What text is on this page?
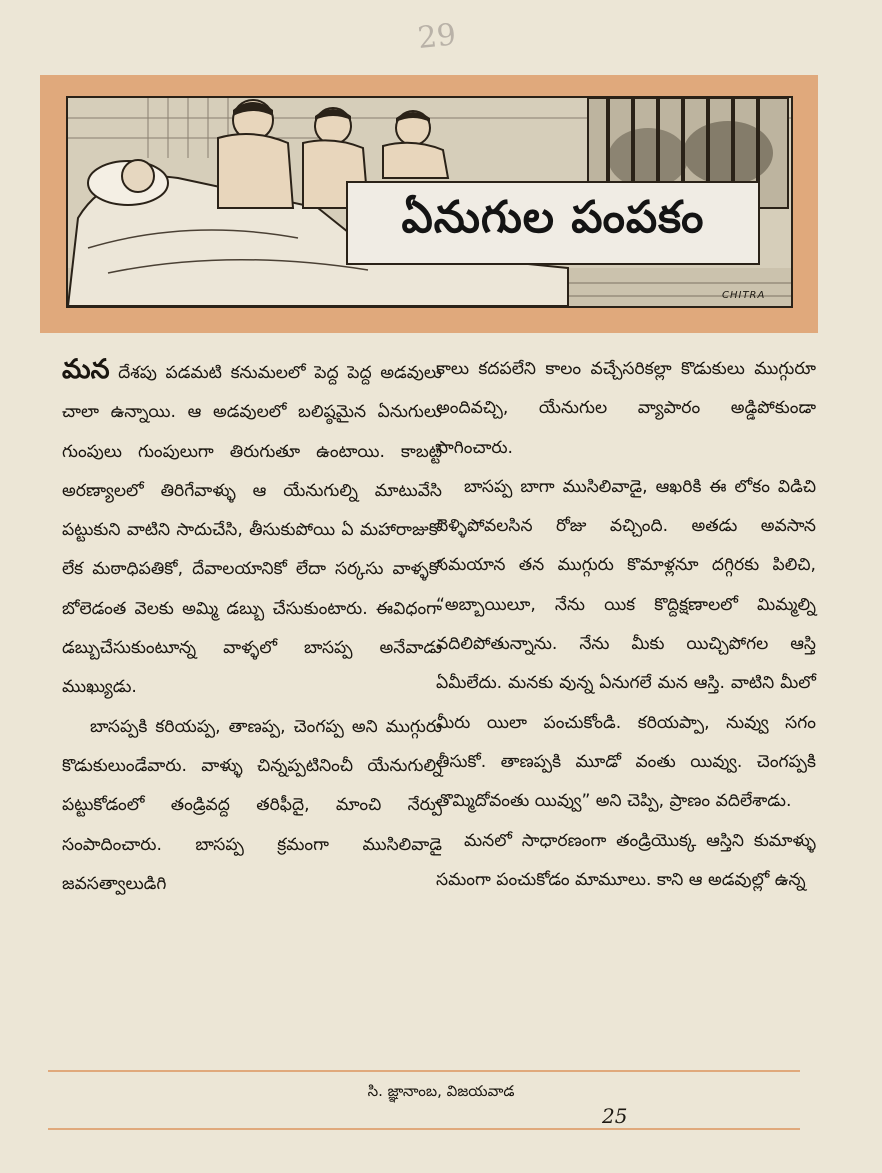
29
ఏనుగుల పంపకం
CHITRA

మన దేశపు పడమటి కనుమలలో పెద్ద పెద్ద అడవులు చాలా ఉన్నాయి. ఆ అడవులలో బలిష్ఠమైన ఏనుగులు గుంపులు గుంపులుగా తిరుగుతూ ఉంటాయి. కాబట్టి అరణ్యాలలో తిరిగేవాళ్ళు ఆ యేనుగుల్ని మాటువేసి పట్టుకుని వాటిని సాదుచేసి, తీసుకుపోయి ఏ మహారాజుకో లేక మఠాధిపతికో, దేవాలయానికో లేదా సర్కసు వాళ్ళకో బోలెడంత వెలకు అమ్మి డబ్బు చేసుకుంటారు. ఈవిధంగా డబ్బుచేసుకుంటూన్న వాళ్ళలో బాసప్ప అనేవాడు ముఖ్యుడు.

బాసప్పకి కరియప్ప, తాణప్ప, చెంగప్ప అని ముగ్గురు కొడుకులుండేవారు. వాళ్ళు చిన్నప్పటినించీ యేనుగుల్ని పట్టుకోడంలో తండ్రివద్ద తరిఫీదై, మాంచి నేర్పు సంపాదించారు. బాసప్ప క్రమంగా ముసిలివాడై జవసత్వాలుడిగి

కాలు కదపలేని కాలం వచ్చేసరికల్లా కొడుకులు ముగ్గురూ అందివచ్చి, యేనుగుల వ్యాపారం అడ్డిపోకుండా సాగించారు.

బాసప్ప బాగా ముసిలివాడై, ఆఖరికి ఈ లోకం విడిచి వెళ్ళిపోవలసిన రోజు వచ్చింది. అతడు అవసాన సమయాన తన ముగ్గురు కొమాళ్లనూ దగ్గిరకు పిలిచి, “అబ్బాయిలూ, నేను యిక కొద్దిక్షణాలలో మిమ్మల్ని వదిలిపోతున్నాను. నేను మీకు యిచ్చిపోగల ఆస్తి ఏమీలేదు. మనకు వున్న ఏనుగలే మన ఆస్తి. వాటిని మీలో మీరు యిలా పంచుకోండి. కరియప్పా, నువ్వు సగం తీసుకో. తాణప్పకి మూడో వంతు యివ్వు. చెంగప్పకి తొమ్మిదోవంతు యివ్వు” అని చెప్పి, ప్రాణం వదిలేశాడు.

మనలో సాధారణంగా తండ్రియొక్క ఆస్తిని కుమాళ్ళు సమంగా పంచుకోడం మామూలు. కాని ఆ అడవుల్లో ఉన్న

సి. జ్ఞానాంబ, విజయవాడ
25
